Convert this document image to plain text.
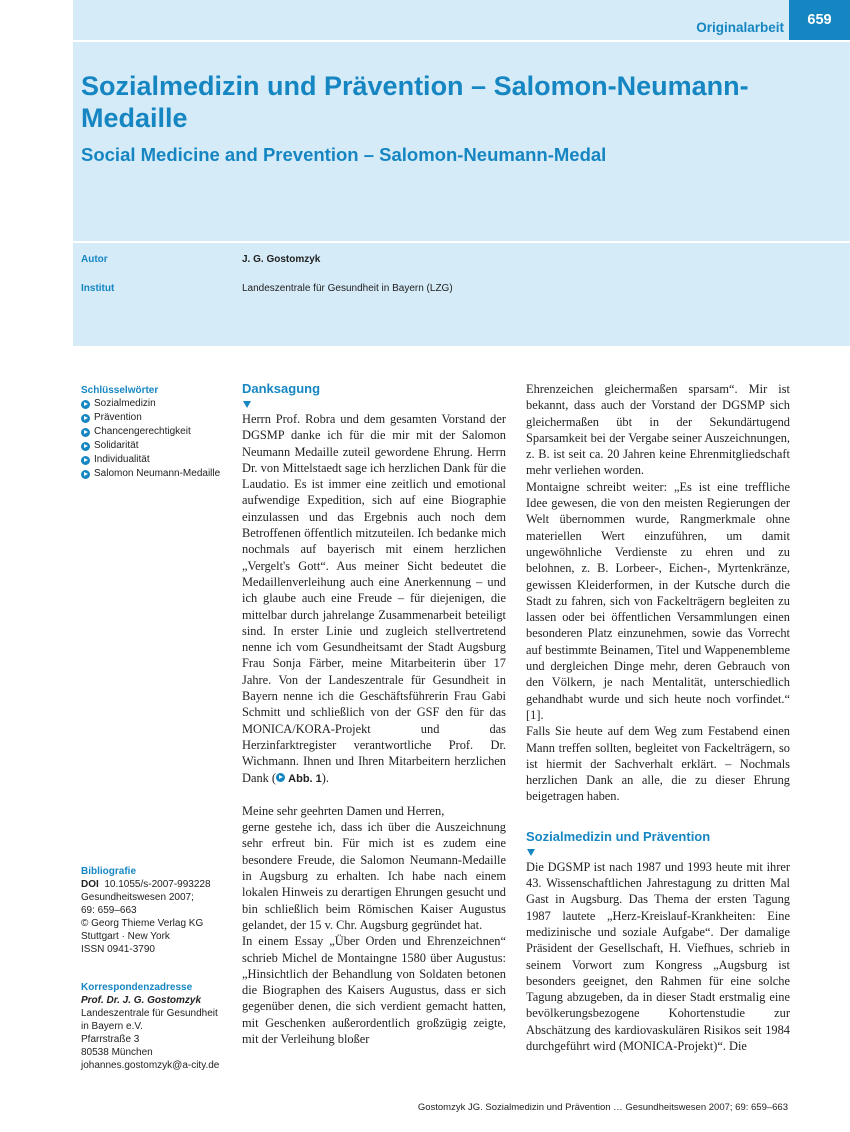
Originalarbeit	659
Sozialmedizin und Prävention – Salomon-Neumann-Medaille
Social Medicine and Prevention – Salomon-Neumann-Medal
Autor	J. G. Gostomzyk
Institut	Landeszentrale für Gesundheit in Bayern (LZG)
Schlüsselwörter
Sozialmedizin
Prävention
Chancengerechtigkeit
Solidarität
Individualität
Salomon Neumann-Medaille
Bibliografie
DOI 10.1055/s-2007-993228
Gesundheitswesen 2007;
69: 659–663
© Georg Thieme Verlag KG
Stuttgart · New York
ISSN 0941-3790
Korrespondenzadresse
Prof. Dr. J. G. Gostomzyk
Landeszentrale für Gesundheit
in Bayern e.V.
Pfarrstraße 3
80538 München
johannes.gostomzyk@a-city.de
Danksagung

Herrn Prof. Robra und dem gesamten Vorstand der DGSMP danke ich für die mir mit der Salomon Neumann Medaille zuteil gewordene Ehrung. Herrn Dr. von Mittelstaedt sage ich herzlichen Dank für die Laudatio. Es ist immer eine zeitlich und emotional aufwendige Expedition, sich auf eine Biographie einzulassen und das Ergebnis auch noch dem Betroffenen öffentlich mitzuteilen. Ich bedanke mich nochmals auf bayerisch mit einem herzlichen „Vergelt's Gott“. Aus meiner Sicht bedeutet die Medaillenverleihung auch eine Anerkennung – und ich glaube auch eine Freude – für diejenigen, die mittelbar durch jahrelange Zusammenarbeit beteiligt sind. In erster Linie und zugleich stellvertretend nenne ich vom Gesundheitsamt der Stadt Augsburg Frau Sonja Färber, meine Mitarbeiterin über 17 Jahre. Von der Landeszentrale für Gesundheit in Bayern nenne ich die Geschäftsführerin Frau Gabi Schmitt und schließlich von der GSF den für das MONICA/KORA-Projekt und das Herzinfarktregister verantwortliche Prof. Dr. Wichmann. Ihnen und Ihren Mitarbeitern herzlichen Dank ( Abb. 1).

Meine sehr geehrten Damen und Herren,

gerne gestehe ich, dass ich über die Auszeichnung sehr erfreut bin. Für mich ist es zudem eine besondere Freude, die Salomon Neumann-Medaille in Augsburg zu erhalten. Ich habe nach einem lokalen Hinweis zu derartigen Ehrungen gesucht und bin schließlich beim Römischen Kaiser Augustus gelandet, der 15 v. Chr. Augsburg gegründet hat.

In einem Essay „Über Orden und Ehrenzeichnen“ schrieb Michel de Montaingne 1580 über Augustus: „Hinsichtlich der Behandlung von Soldaten betonen die Biographen des Kaisers Augustus, dass er sich gegenüber denen, die sich verdient gemacht hatten, mit Geschenken außerordentlich großzügig zeigte, mit der Verleihung bloßer

Ehrenzeichen gleichermaßen sparsam“. Mir ist bekannt, dass auch der Vorstand der DGSMP sich gleichermaßen übt in der Sekundärtugend Sparsamkeit bei der Vergabe seiner Auszeichnungen, z. B. ist seit ca. 20 Jahren keine Ehrenmitgliedschaft mehr verliehen worden.

Montaigne schreibt weiter: „Es ist eine treffliche Idee gewesen, die von den meisten Regierungen der Welt übernommen wurde, Rangmerkmale ohne materiellen Wert einzuführen, um damit ungewöhnliche Verdienste zu ehren und zu belohnen, z. B. Lorbeer-, Eichen-, Myrtenkränze, gewissen Kleiderformen, in der Kutsche durch die Stadt zu fahren, sich von Fackelträgern begleiten zu lassen oder bei öffentlichen Versammlungen einen besonderen Platz einzunehmen, sowie das Vorrecht auf bestimmte Beinamen, Titel und Wappenembleme und dergleichen Dinge mehr, deren Gebrauch von den Völkern, je nach Mentalität, unterschiedlich gehandhabt wurde und sich heute noch vorfindet.“ [1].

Falls Sie heute auf dem Weg zum Festabend einen Mann treffen sollten, begleitet von Fackelträgern, so ist hiermit der Sachverhalt erklärt. – Nochmals herzlichen Dank an alle, die zu dieser Ehrung beigetragen haben.

Sozialmedizin und Prävention

Die DGSMP ist nach 1987 und 1993 heute mit ihrer 43. Wissenschaftlichen Jahrestagung zu dritten Mal Gast in Augsburg. Das Thema der ersten Tagung 1987 lautete „Herz-Kreislauf-Krankheiten: Eine medizinische und soziale Aufgabe“. Der damalige Präsident der Gesellschaft, H. Viefhues, schrieb in seinem Vorwort zum Kongress „Augsburg ist besonders geeignet, den Rahmen für eine solche Tagung abzugeben, da in dieser Stadt erstmalig eine bevölkerungsbezogene Kohortenstudie zur Abschätzung des kardiovaskulären Risikos seit 1984 durchgeführt wird (MONICA-Projekt)“. Die

Gostomzyk JG. Sozialmedizin und Prävention … Gesundheitswesen 2007; 69: 659–663
